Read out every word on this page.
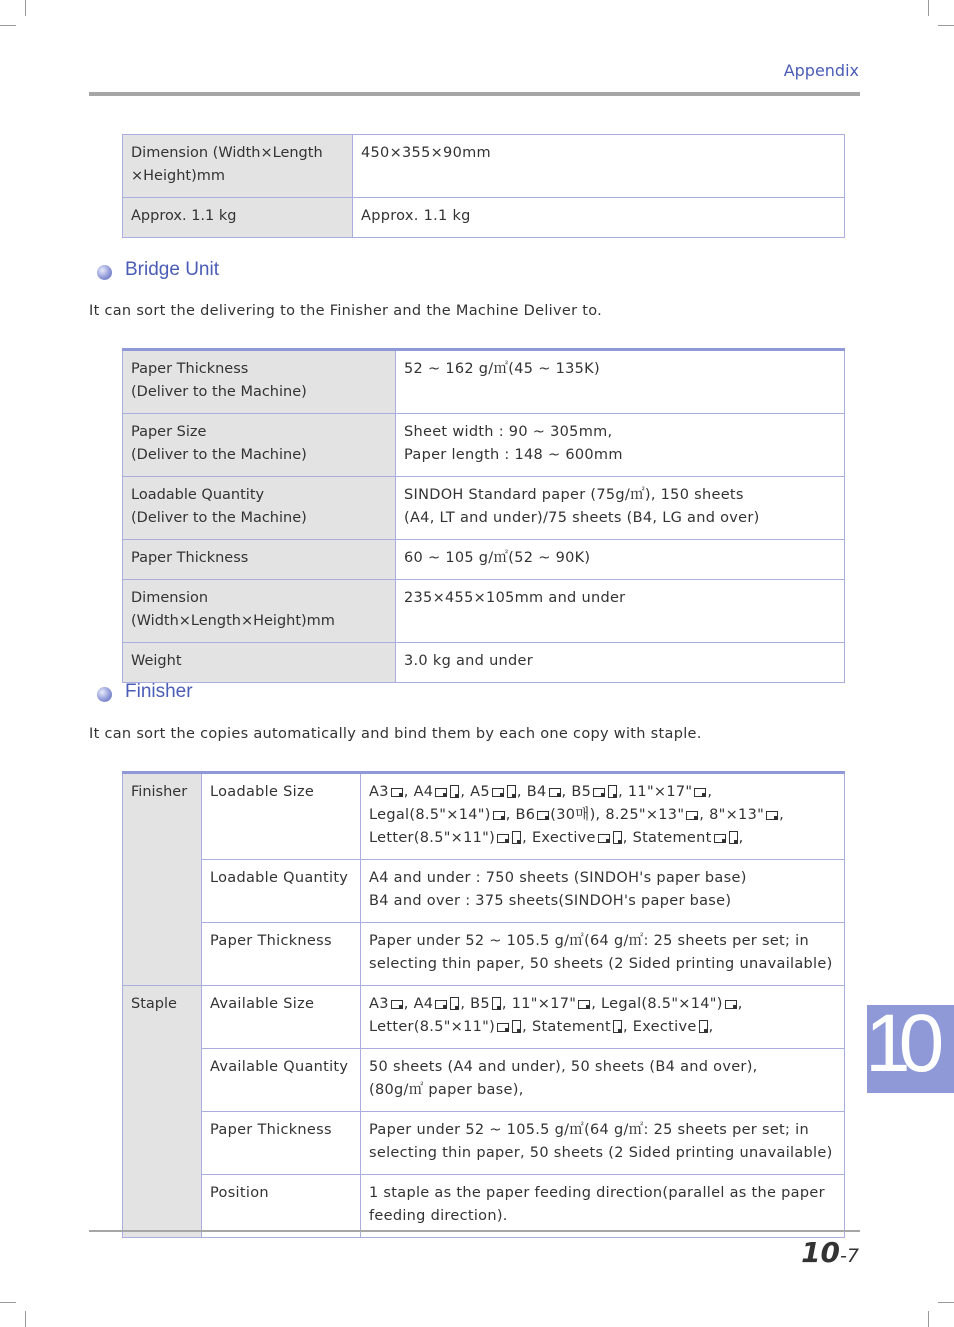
Appendix
Dimension (Width×Length
×Height)mm	450×355×90mm
Approx. 1.1 kg	Approx. 1.1 kg
Bridge Unit
It can sort the delivering to the Finisher and the Machine Deliver to.
Paper Thickness
(Deliver to the Machine)	52 ~ 162 g/㎡(45 ~ 135K)
Paper Size
(Deliver to the Machine)	Sheet width : 90 ~ 305mm,
Paper length : 148 ~ 600mm
Loadable Quantity
(Deliver to the Machine)	SINDOH Standard paper (75g/㎡), 150 sheets
(A4, LT and under)/75 sheets (B4, LG and over)
Paper Thickness	60 ~ 105 g/㎡(52 ~ 90K)
Dimension
(Width×Length×Height)mm	235×455×105mm and under
Weight	3.0 kg and under
Finisher
It can sort the copies automatically and bind them by each one copy with staple.
Finisher	Loadable Size	A3 , A4 , A5 , B4 , B5 , 11"×17" ,
Legal(8.5"×14") , B6 (30매), 8.25"×13" , 8"×13" ,
Letter(8.5"×11") , Exective , Statement ,
	Loadable Quantity	A4 and under : 750 sheets (SINDOH's paper base)
B4 and over : 375 sheets(SINDOH's paper base)
	Paper Thickness	Paper under 52 ~ 105.5 g/㎡(64 g/㎡: 25 sheets per set; in
selecting thin paper, 50 sheets (2 Sided printing unavailable)
Staple	Available Size	A3 , A4 , B5 , 11"×17" , Legal(8.5"×14") ,
Letter(8.5"×11") , Statement , Exective ,
	Available Quantity	50 sheets (A4 and under), 50 sheets (B4 and over),
(80g/㎡ paper base),
	Paper Thickness	Paper under 52 ~ 105.5 g/㎡(64 g/㎡: 25 sheets per set; in
selecting thin paper, 50 sheets (2 Sided printing unavailable)
	Position	1 staple as the paper feeding direction(parallel as the paper
feeding direction).
10
10-7
